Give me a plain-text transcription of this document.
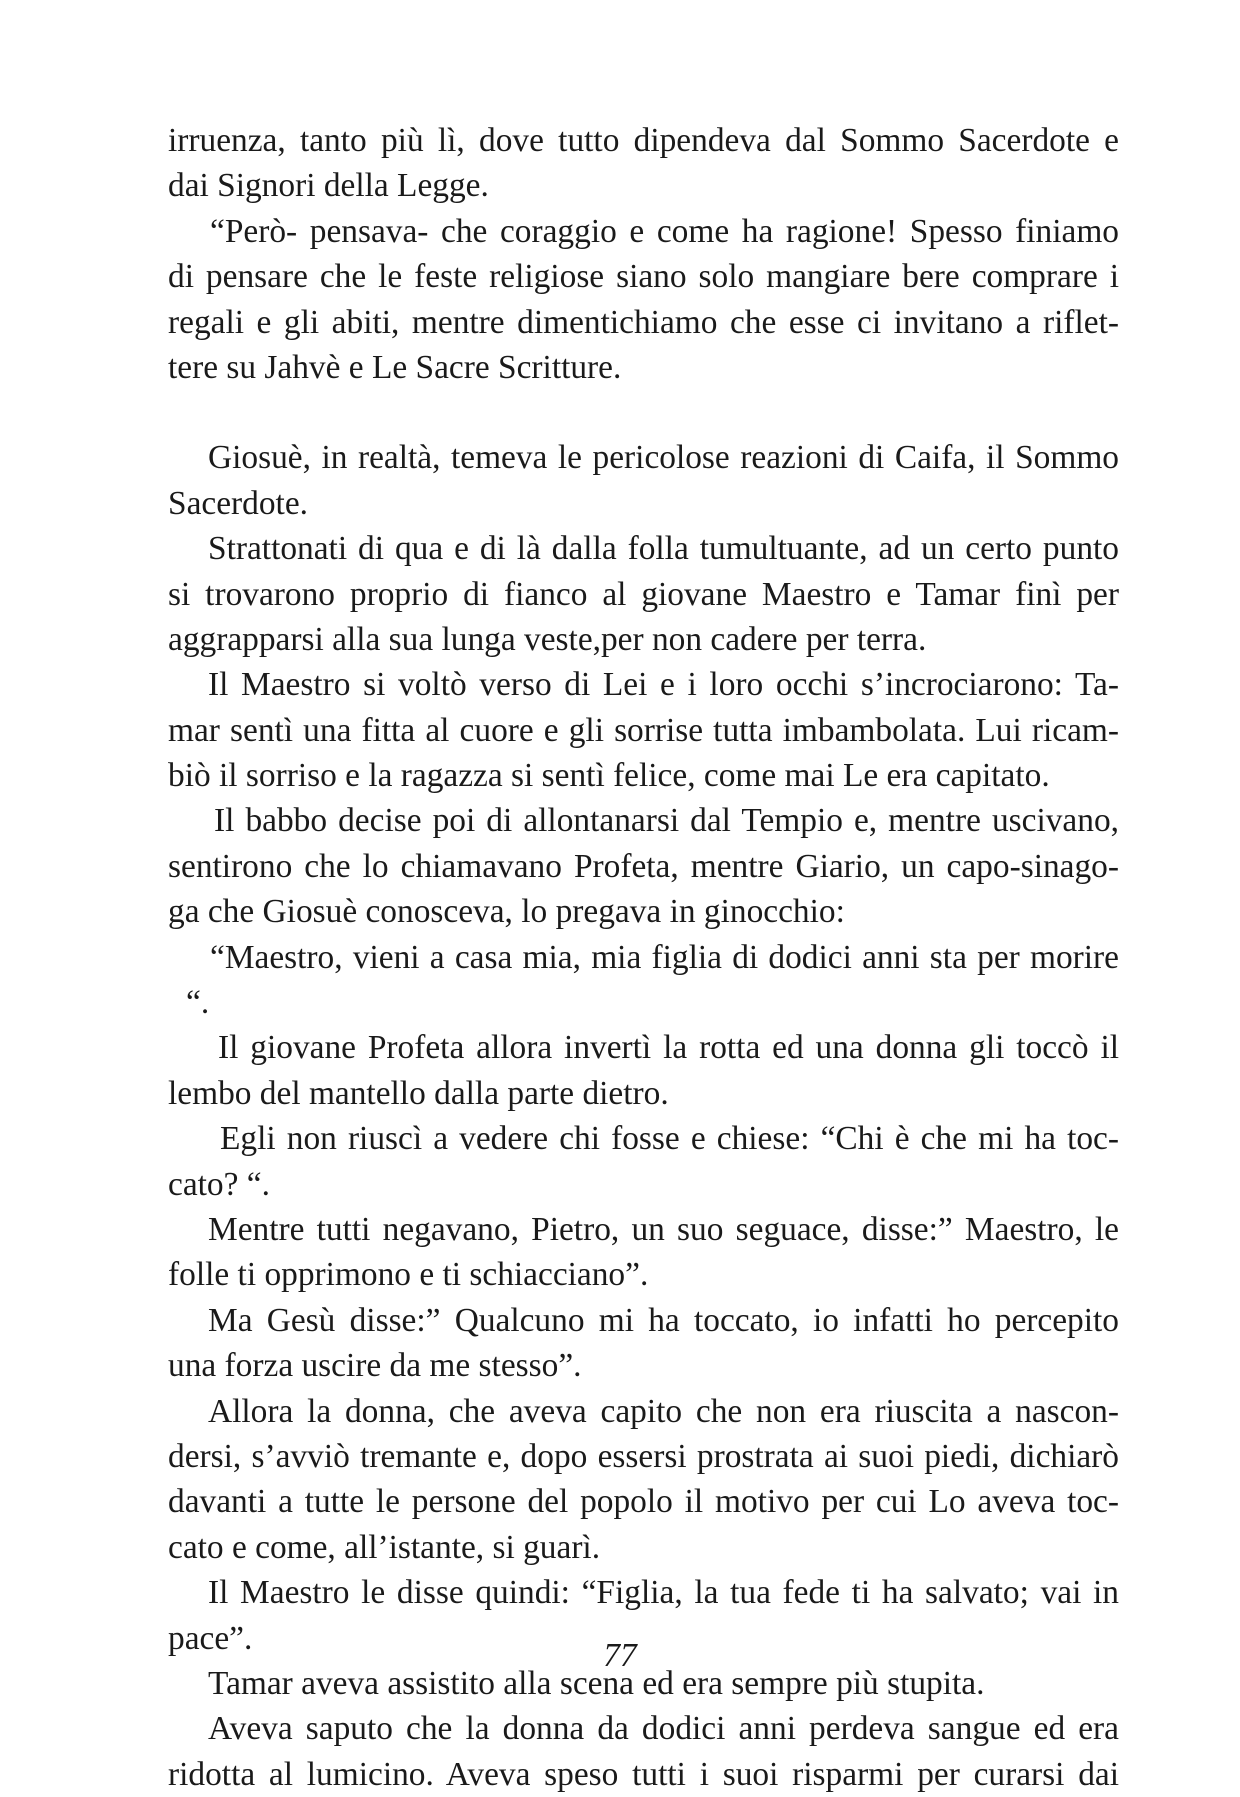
irruenza, tanto più lì, dove tutto dipendeva dal Sommo Sacerdote e
dai Signori della Legge.
“Però- pensava- che coraggio e come ha ragione! Spesso finiamo
di pensare che le feste religiose siano solo mangiare bere comprare i
regali e gli abiti, mentre dimentichiamo che esse ci invitano a riflet-
tere su Jahvè e Le Sacre Scritture.
Giosuè, in realtà, temeva le pericolose reazioni di Caifa, il Sommo
Sacerdote.
Strattonati di qua e di là dalla folla tumultuante, ad un certo punto
si trovarono proprio di fianco al giovane Maestro e Tamar finì per
aggrapparsi alla sua lunga veste,per non cadere per terra.
Il Maestro si voltò verso di Lei e i loro occhi s’incrociarono: Ta-
mar sentì una fitta al cuore e gli sorrise tutta imbambolata. Lui ricam-
biò il sorriso e la ragazza si sentì felice, come mai Le era capitato.
Il babbo decise poi di allontanarsi dal Tempio e, mentre uscivano,
sentirono che lo chiamavano Profeta, mentre Giario, un capo-sinago-
ga che Giosuè conosceva, lo pregava in ginocchio:
“Maestro, vieni a casa mia, mia figlia di dodici anni sta per morire
“.
Il giovane Profeta allora invertì la rotta ed una donna gli toccò il
lembo del mantello dalla parte dietro.
Egli non riuscì a vedere chi fosse e chiese: “Chi è che mi ha toc-
cato? “.
Mentre tutti negavano, Pietro, un suo seguace, disse:” Maestro, le
folle ti opprimono e ti schiacciano”.
Ma Gesù disse:” Qualcuno mi ha toccato, io infatti ho percepito
una forza uscire da me stesso”.
Allora la donna, che aveva capito che non era riuscita a nascon-
dersi, s’avviò tremante e, dopo essersi prostrata ai suoi piedi, dichiarò
davanti a tutte le persone del popolo il motivo per cui Lo aveva toc-
cato e come, all’istante, si guarì.
Il Maestro le disse quindi: “Figlia, la tua fede ti ha salvato; vai in
pace”.
Tamar aveva assistito alla scena ed era sempre più stupita.
Aveva saputo che la donna da dodici anni perdeva sangue ed era
ridotta al lumicino. Aveva speso tutti i suoi risparmi per curarsi dai
77
